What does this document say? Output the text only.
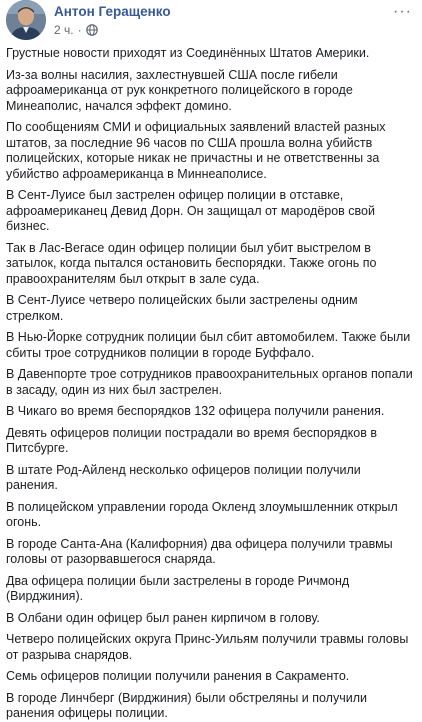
Антон Геращенко
2 ч. ·
···

Грустные новости приходят из Соединённых Штатов Америки.

Из-за волны насилия, захлестнувшей США после гибели афроамериканца от рук конкретного полицейского в городе Минеаполис, начался эффект домино.

По сообщениям СМИ и официальных заявлений властей разных штатов, за последние 96 часов по США прошла волна убийств полицейских, которые никак не причастны и не ответственны за убийство афроамериканца в Миннеаполисе.

В Сент-Луисе был застрелен офицер полиции в отставке, афроамериканец Девид Дорн. Он защищал от мародёров свой бизнес.

Так в Лас-Вегасе один офицер полиции был убит выстрелом в затылок, когда пытался остановить беспорядки. Также огонь по правоохранителям был открыт в зале суда.

В Сент-Луисе четверо полицейских были застрелены одним стрелком.

В Нью-Йорке сотрудник полиции был сбит автомобилем. Также были сбиты трое сотрудников полиции в городе Буффало.

В Давенпорте трое сотрудников правоохранительных органов попали в засаду, один из них был застрелен.

В Чикаго во время беспорядков 132 офицера получили ранения.

Девять офицеров полиции пострадали во время беспорядков в Питсбурге.

В штате Род-Айленд несколько офицеров полиции получили ранения.

В полицейском управлении города Окленд злоумышленник открыл огонь.

В городе Санта-Ана (Калифорния) два офицера получили травмы головы от разорвавшегося снаряда.

Два офицера полиции были застрелены в городе Ричмонд (Вирджиния).

В Олбани один офицер был ранен кирпичом в голову.

Четверо полицейских округа Принс-Уильям получили травмы головы от разрыва снарядов.

Семь офицеров полиции получили ранения в Сакраменто.

В городе Линчберг (Вирджиния) были обстреляны и получили ранения офицеры полиции.
